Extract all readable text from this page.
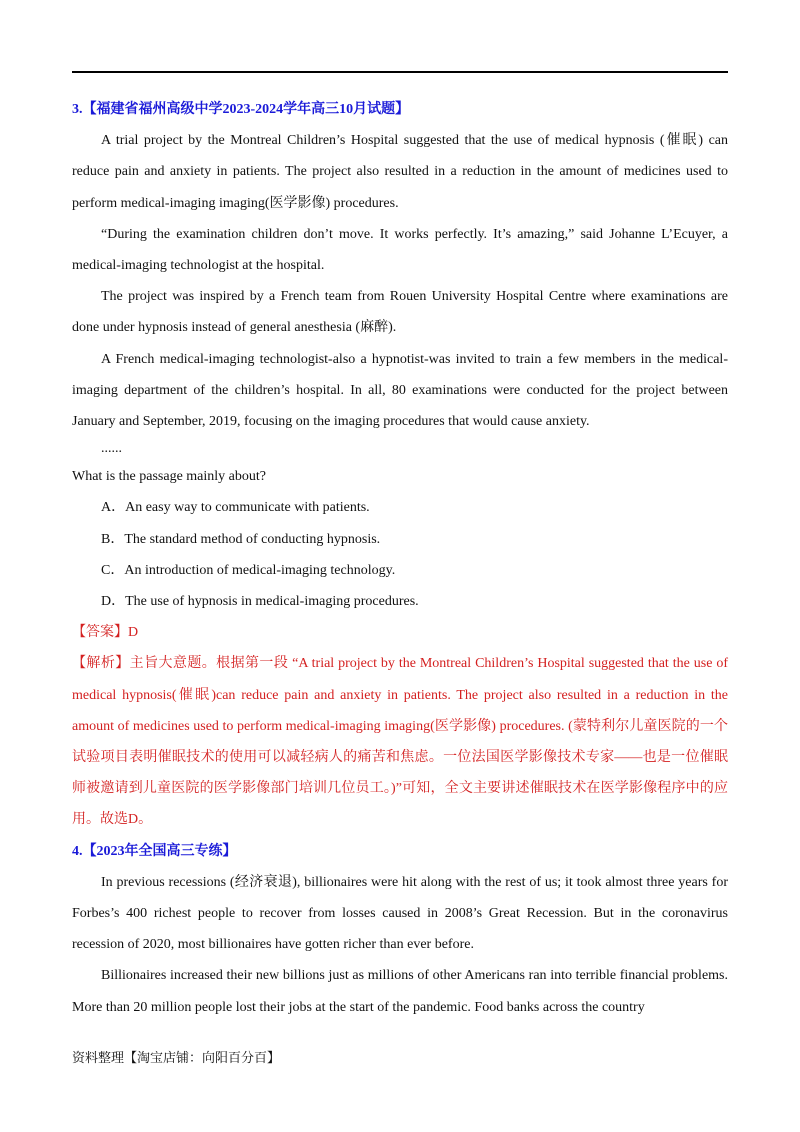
3.【福建省福州高级中学2023-2024学年高三10月试题】

A trial project by the Montreal Children’s Hospital suggested that the use of medical hypnosis (催眠) can reduce pain and anxiety in patients. The project also resulted in a reduction in the amount of medicines used to perform medical-imaging imaging(医学影像) procedures.

“During the examination children don’t move. It works perfectly. It’s amazing,” said Johanne L’Ecuyer, a medical-imaging technologist at the hospital.

The project was inspired by a French team from Rouen University Hospital Centre where examinations are done under hypnosis instead of general anesthesia (麻醉).

A French medical-imaging technologist-also a hypnotist-was invited to train a few members in the medical-imaging department of the children’s hospital. In all, 80 examinations were conducted for the project between January and September, 2019, focusing on the imaging procedures that would cause anxiety.

......

What is the passage mainly about?

A．An easy way to communicate with patients.

B．The standard method of conducting hypnosis.

C．An introduction of medical-imaging technology.

D．The use of hypnosis in medical-imaging procedures.

【答案】D

【解析】主旨大意题。根据第一段 “A trial project by the Montreal Children’s Hospital suggested that the use of medical hypnosis(催眠)can reduce pain and anxiety in patients. The project also resulted in a reduction in the amount of medicines used to perform medical-imaging imaging(医学影像) procedures. (蒙特利尔儿童医院的一个试验项目表明催眠技术的使用可以减轻病人的痛苦和焦虑。一位法国医学影像技术专家——也是一位催眠师被邀请到儿童医院的医学影像部门培训几位员工。)”可知，全文主要讲述催眠技术在医学影像程序中的应用。故选D。

4.【2023年全国高三专练】

In previous recessions (经济衰退), billionaires were hit along with the rest of us; it took almost three years for Forbes’s 400 richest people to recover from losses caused in 2008’s Great Recession. But in the coronavirus recession of 2020, most billionaires have gotten richer than ever before.

Billionaires increased their new billions just as millions of other Americans ran into terrible financial problems. More than 20 million people lost their jobs at the start of the pandemic. Food banks across the country

资料整理【淘宝店铺：向阳百分百】
